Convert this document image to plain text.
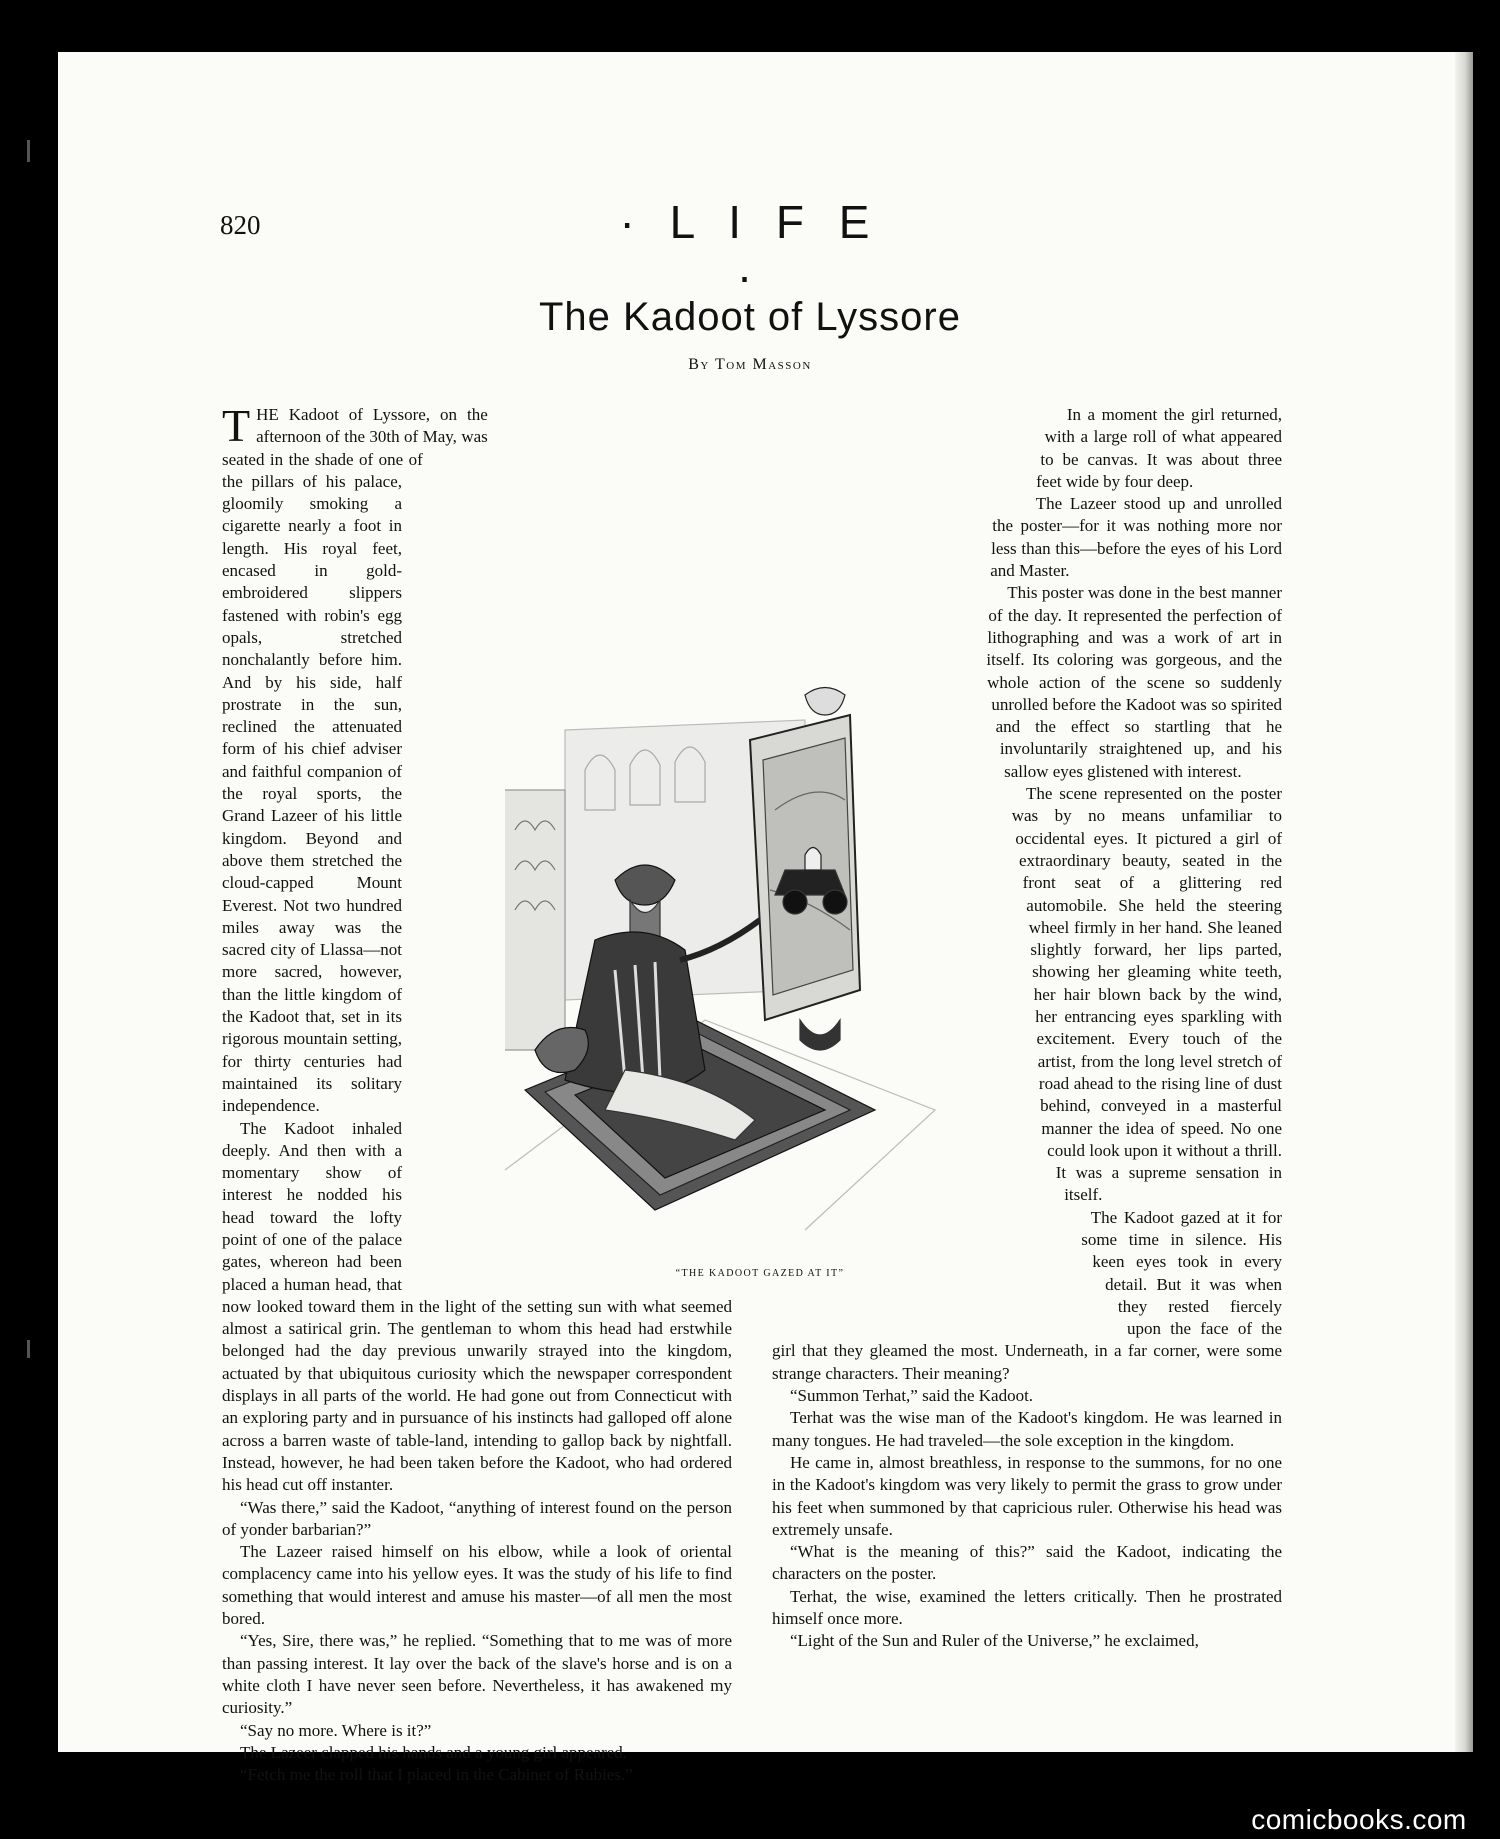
820	· L I F E ·
The Kadoot of Lyssore
By Tom Masson

THE Kadoot of Lyssore, on the afternoon of the 30th of May, was seated in the shade of one of the pillars of his palace, gloomily smoking a cigarette nearly a foot in length. His royal feet, encased in gold-embroidered slippers fastened with robin's egg opals, stretched nonchalantly before him. And by his side, half prostrate in the sun, reclined the attenuated form of his chief adviser and faithful companion of the royal sports, the Grand Lazeer of his little kingdom. Beyond and above them stretched the cloud-capped Mount Everest. Not two hundred miles away was the sacred city of Llassa—not more sacred, however, than the little kingdom of the Kadoot that, set in its rigorous mountain setting, for thirty centuries had maintained its solitary independence.

The Kadoot inhaled deeply. And then with a momentary show of interest he nodded his head toward the lofty point of one of the palace gates, whereon had been placed a human head, that now looked toward them in the light of the setting sun with what seemed almost a satirical grin. The gentleman to whom this head had erstwhile belonged had the day previous unwarily strayed into the kingdom, actuated by that ubiquitous curiosity which the newspaper correspondent displays in all parts of the world. He had gone out from Connecticut with an exploring party and in pursuance of his instincts had galloped off alone across a barren waste of table-land, intending to gallop back by nightfall. Instead, however, he had been taken before the Kadoot, who had ordered his head cut off instanter.

“Was there,” said the Kadoot, “anything of interest found on the person of yonder barbarian?”

The Lazeer raised himself on his elbow, while a look of oriental complacency came into his yellow eyes. It was the study of his life to find something that would interest and amuse his master—of all men the most bored.

“Yes, Sire, there was,” he replied. “Something that to me was of more than passing interest. It lay over the back of the slave's horse and is on a white cloth I have never seen before. Nevertheless, it has awakened my curiosity.”

“Say no more. Where is it?”

The Lazeer clapped his hands and a young girl appeared.

“Fetch me the roll that I placed in the Cabinet of Rubies.”

In a moment the girl returned, with a large roll of what appeared to be canvas. It was about three feet wide by four deep.

The Lazeer stood up and unrolled the poster—for it was nothing more nor less than this—before the eyes of his Lord and Master.

This poster was done in the best manner of the day. It represented the perfection of lithographing and was a work of art in itself. Its coloring was gorgeous, and the whole action of the scene so suddenly unrolled before the Kadoot was so spirited and the effect so startling that he involuntarily straightened up, and his sallow eyes glistened with interest.

The scene represented on the poster was by no means unfamiliar to occidental eyes. It pictured a girl of extraordinary beauty, seated in the front seat of a glittering red automobile. She held the steering wheel firmly in her hand. She leaned slightly forward, her lips parted, showing her gleaming white teeth, her hair blown back by the wind, her entrancing eyes sparkling with excitement. Every touch of the artist, from the long level stretch of road ahead to the rising line of dust behind, conveyed in a masterful manner the idea of speed. No one could look upon it without a thrill. It was a supreme sensation in itself.

The Kadoot gazed at it for some time in silence. His keen eyes took in every detail. But it was when they rested fiercely upon the face of the girl that they gleamed the most. Underneath, in a far corner, were some strange characters. Their meaning?

“Summon Terhat,” said the Kadoot.

Terhat was the wise man of the Kadoot's kingdom. He was learned in many tongues. He had traveled—the sole exception in the kingdom.

He came in, almost breathless, in response to the summons, for no one in the Kadoot's kingdom was very likely to permit the grass to grow under his feet when summoned by that capricious ruler. Otherwise his head was extremely unsafe.

“What is the meaning of this?” said the Kadoot, indicating the characters on the poster.

Terhat, the wise, examined the letters critically. Then he prostrated himself once more.

“Light of the Sun and Ruler of the Universe,” he exclaimed,

“THE KADOOT GAZED AT IT”
comicbooks.com
